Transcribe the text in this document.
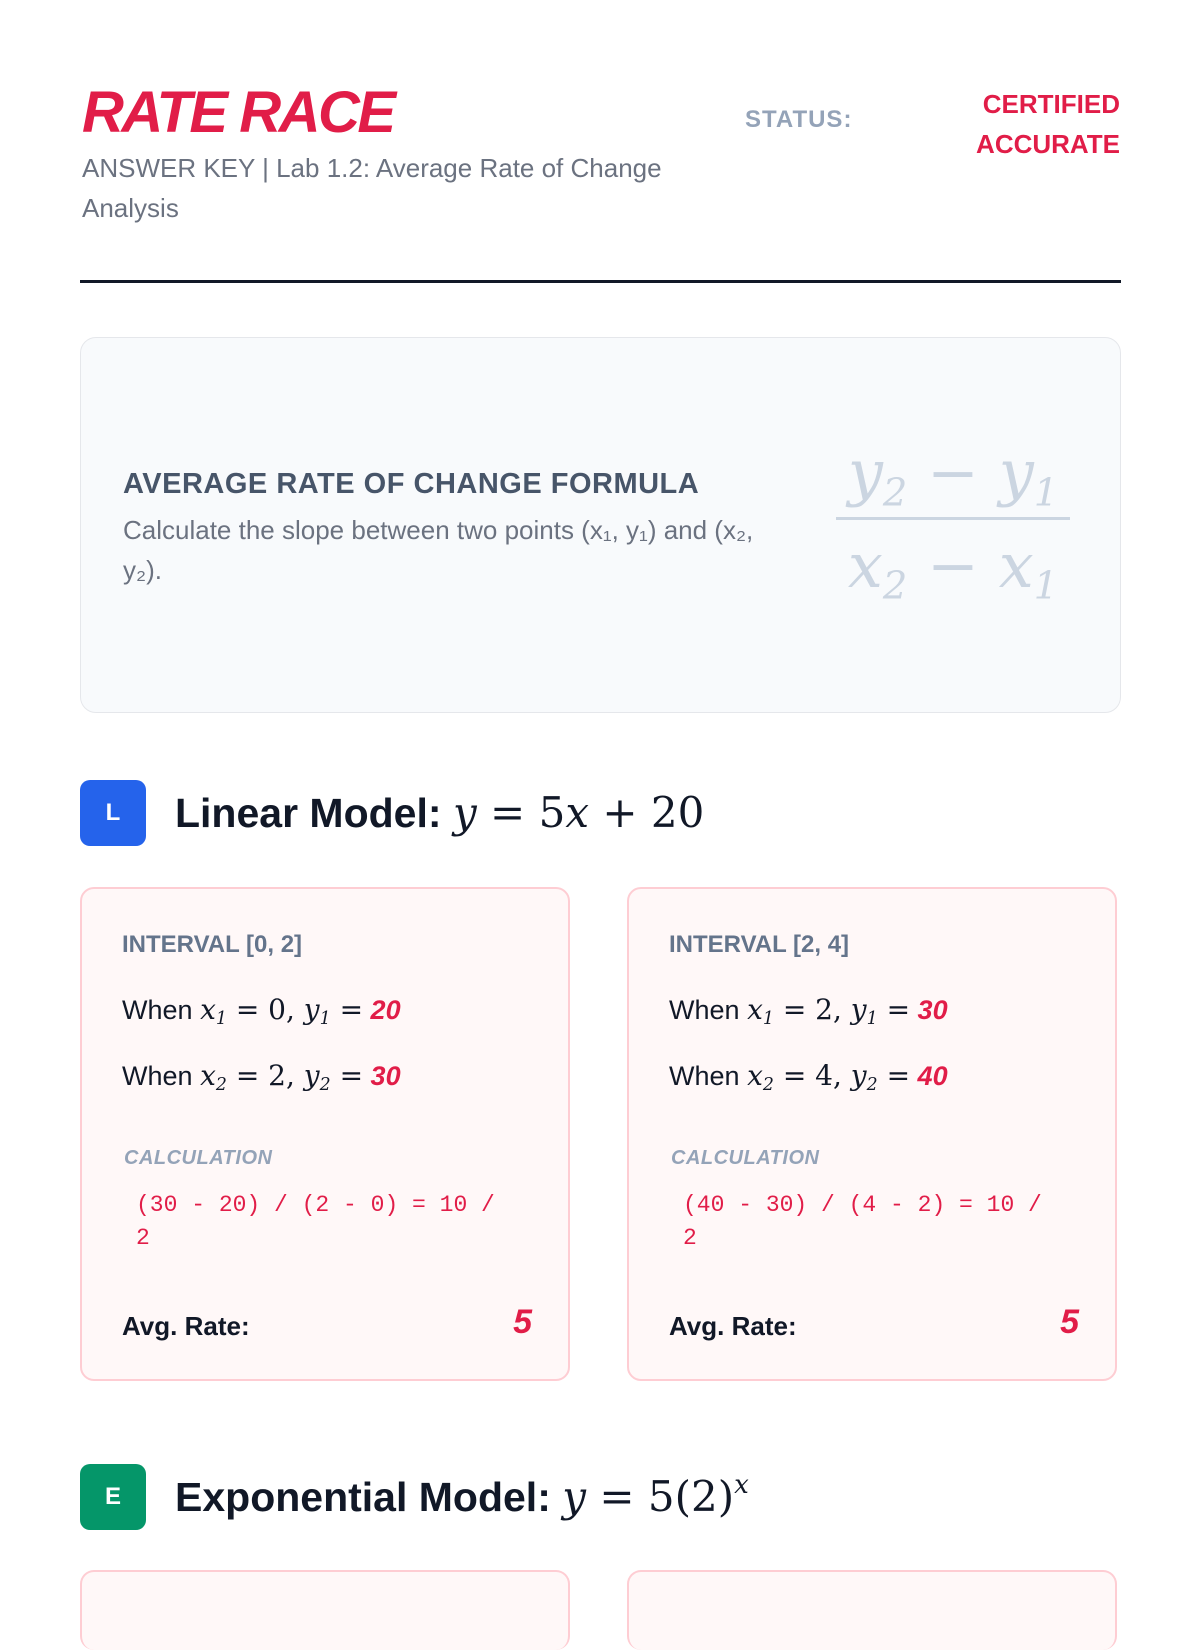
RATE RACE
ANSWER KEY | Lab 1.2: Average Rate of Change Analysis
STATUS:
CERTIFIED ACCURATE
AVERAGE RATE OF CHANGE FORMULA
Calculate the slope between two points (x₁, y₁) and (x₂, y₂).
$y_2 - y_1$
$x_2 - x_1$
L	Linear Model: y = 5x + 20
INTERVAL [0, 2]
When $x_1 = 0$, $y_1 = 20$
When $x_2 = 2$, $y_2 = 30$
CALCULATION
(30 - 20) / (2 - 0) = 10 / 2
Avg. Rate:	5
INTERVAL [2, 4]
When $x_1 = 2$, $y_1 = 30$
When $x_2 = 4$, $y_2 = 40$
CALCULATION
(40 - 30) / (4 - 2) = 10 / 2
Avg. Rate:	5
E	Exponential Model: $y = 5(2)^x$
